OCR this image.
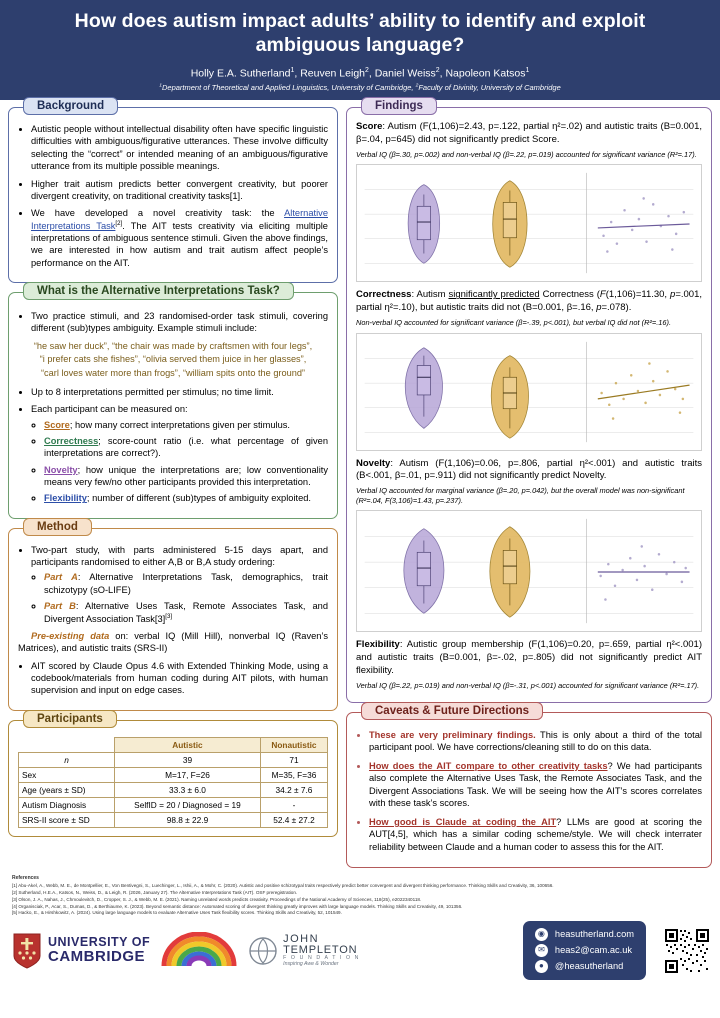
How does autism impact adults’ ability to identify and exploit ambiguous language?
Holly E.A. Sutherland$^1$, Reuven Leigh$^2$, Daniel Weiss$^2$, Napoleon Katsos$^1$
$^1$Department of Theoretical and Applied Linguistics, University of Cambridge, $^2$Faculty of Divinity, University of Cambridge
Background
• Autistic people without intellectual disability often have specific linguistic difficulties with ambiguous/figurative utterances. These involve difficulty selecting the “correct” or intended meaning of an ambiguous/figurative utterance from its multiple possible meanings.
• Higher trait autism predicts better convergent creativity, but poorer divergent creativity, on traditional creativity tasks[1].
• We have developed a novel creativity task: the Alternative Interpretations Task[2]. The AIT tests creativity via eliciting multiple interpretations of ambiguous sentence stimuli. Given the above findings, we are interested in how autism and trait autism affect people’s performance on the AIT.
What is the Alternative Interpretations Task?
• Two practice stimuli, and 23 randomised-order task stimuli, covering different (sub)types ambiguity. Example stimuli include:
“he saw her duck”, “the chair was made by craftsmen with four legs”,
“i prefer cats she fishes”, “olivia served them juice in her glasses”,
“carl loves water more than frogs”, “william spits onto the ground”
• Up to 8 interpretations permitted per stimulus; no time limit.
• Each participant can be measured on:
◦ Score; how many correct interpretations given per stimulus.
◦ Correctness; score-count ratio (i.e. what percentage of given interpretations are correct?).
◦ Novelty; how unique the interpretations are; low conventionality means very few/no other participants provided this interpretation.
◦ Flexibility; number of different (sub)types of ambiguity exploited.
Method
• Two-part study, with parts administered 5-15 days apart, and participants randomised to either A,B or B,A study ordering:
◦ Part A: Alternative Interpretations Task, demographics, trait schizotypy (sO-LIFE)
◦ Part B: Alternative Uses Task, Remote Associates Task, and Divergent Association Task[3][3]
Pre-existing data on: verbal IQ (Mill Hill), nonverbal IQ (Raven’s Matrices), and autistic traits (SRS-II)
• AIT scored by Claude Opus 4.6 with Extended Thinking Mode, using a codebook/materials from human coding during AIT pilots, with human supervision and input on edge cases.
Participants
	Autistic	Nonautistic
n	39	71
Sex	M=17, F=26	M=35, F=36
Age (years ± SD)	33.3 ± 6.0	34.2 ± 7.6
Autism Diagnosis	SelfID = 20 / Diagnosed = 19	-
SRS-II score ± SD	98.8 ± 22.9	52.4 ± 27.2
Findings
Score: Autism (F(1,106)=2.43, p=.122, partial η²=.02) and autistic traits (B=0.001, β=.04, p=645) did not significantly predict Score.
Verbal IQ (β=.30, p=.002) and non-verbal IQ (β=.22, p=.019) accounted for significant variance (R²=.17).
Correctness: Autism significantly predicted Correctness (F(1,106)=11.30, p=.001, partial η²=.10), but autistic traits did not (B=0.001, β=.16, p=.078).
Non-verbal IQ accounted for significant variance (β=-.39, p<.001), but verbal IQ did not (R²=.16).
Novelty: Autism (F(1,106)=0.06, p=.806, partial η²<.001) and autistic traits (B<.001, β=.01, p=.911) did not significantly predict Novelty.
Verbal IQ accounted for marginal variance (β=.20, p=.042), but the overall model was non-significant (R²=.04, F(3,106)=1.43, p=.237).
Flexibility: Autistic group membership (F(1,106)=0.20, p=.659, partial η²<.001) and autistic traits (B=0.001, β=-.02, p=.805) did not significantly predict AIT flexibility.
Verbal IQ (β=.22, p=.019) and non-verbal IQ (β=-.31, p<.001) accounted for significant variance (R²=.17).
Caveats & Future Directions
• These are very preliminary findings. This is only about a third of the total participant pool. We have corrections/cleaning still to do on this data.
• How does the AIT compare to other creativity tasks? We had participants also complete the Alternative Uses Task, the Remote Associates Task, and the Divergent Associations Task. We will be seeing how the AIT’s scores correlates with these task’s scores.
• How good is Claude at coding the AIT? LLMs are good at scoring the AUT[4,5], which has a similar coding scheme/style. We will check interrater reliability between Claude and a human coder to assess this for the AIT.
References
[1] Abu-Akel, A., Webb, M. E., de Montpellier, E., Von Bentivegni, S., Luechinger, L., Ishii, A., & Mohr, C. (2020). Autistic and positive schizotypal traits respectively predict better convergent and divergent thinking performance. Thinking Skills and Creativity, 36, 100656.
[2] Sutherland, H.E.A., Katsos, N., Weiss, D., & Leigh, R. (2026, January 27). The Alternative Interpretations Task (AIT). OSF preregistration.
[3] Olson, J. A., Nahas, J., Chmoulevitch, D., Cropper, S. J., & Webb, M. E. (2021). Naming unrelated words predicts creativity. Proceedings of the National Academy of Sciences, 118(25), e2022340118.
[4] Organisciak, P., Acar, S., Dumas, D., & Berthiaume, K. (2023). Beyond semantic distance: Automated scoring of divergent thinking greatly improves with large language models. Thinking Skills and Creativity, 49, 101356.
[5] Hacko, E., & Hirshkowitz, A. (2024). Using large language models to evaluate Alternative Uses Task flexibility scores. Thinking Skills and Creativity, 52, 101549.
UNIVERSITY OF
CAMBRIDGE
JOHN
TEMPLETON
F O U N D A T I O N
Inspiring Awe & Wonder
◉	heasutherland.com
✉	heas2@cam.ac.uk
●	@heasutherland
